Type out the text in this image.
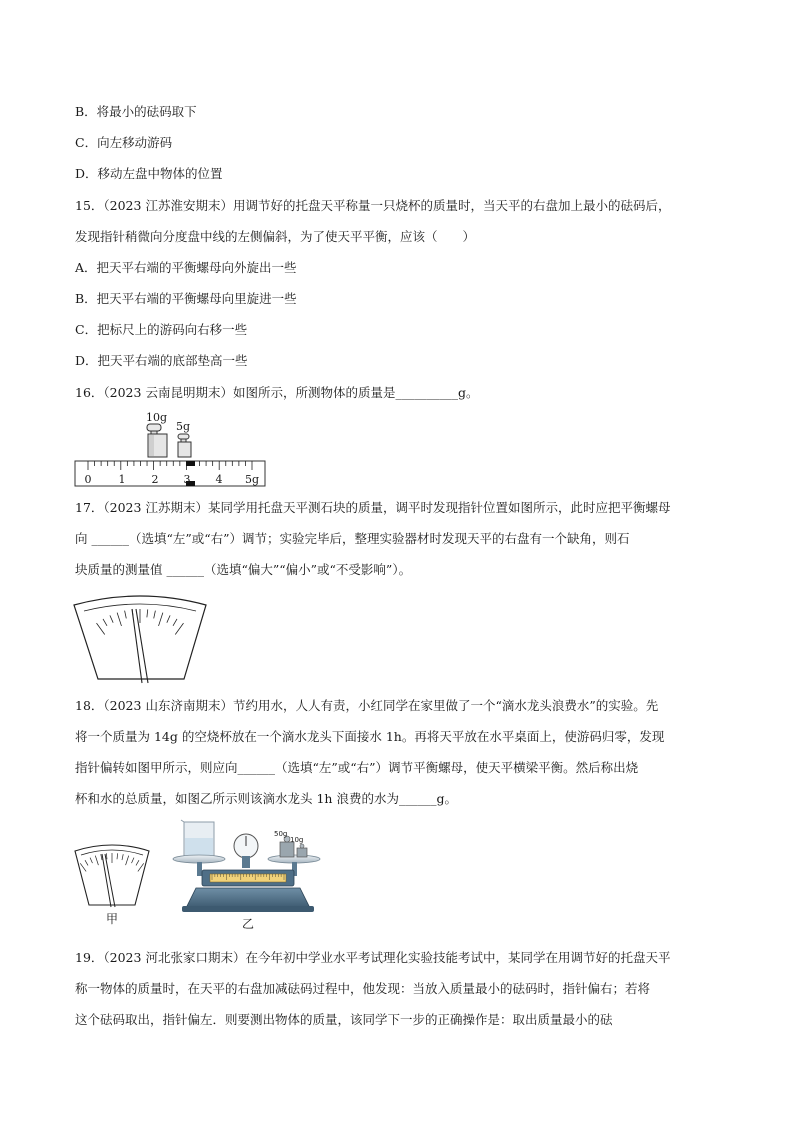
B．将最小的砝码取下
C．向左移动游码
D．移动左盘中物体的位置
15．（2023 江苏淮安期末）用调节好的托盘天平称量一只烧杯的质量时，当天平的右盘加上最小的砝码后，
发现指针稍微向分度盘中线的左侧偏斜，为了使天平平衡，应该（　　）
A．把天平右端的平衡螺母向外旋出一些
B．把天平右端的平衡螺母向里旋进一些
C．把标尺上的游码向右移一些
D．把天平右端的底部垫高一些
16．（2023 云南昆明期末）如图所示，所测物体的质量是__________g。
10g
5g
0 1 2 3 4 5g
17．（2023 江苏期末）某同学用托盘天平测石块的质量，调平时发现指针位置如图所示，此时应把平衡螺母
向 ______（选填“左”或“右”）调节；实验完毕后，整理实验器材时发现天平的右盘有一个缺角，则石
块质量的测量值 ______（选填“偏大”“偏小”或“不受影响”）。
18．（2023 山东济南期末）节约用水，人人有责，小红同学在家里做了一个“滴水龙头浪费水”的实验。先
将一个质量为 14g 的空烧杯放在一个滴水龙头下面接水 1h。再将天平放在水平桌面上，使游码归零，发现
指针偏转如图甲所示，则应向______（选填“左”或“右”）调节平衡螺母，使天平横梁平衡。然后称出烧
杯和水的总质量，如图乙所示则该滴水龙头 1h 浪费的水为______g。
甲
50g
10g
乙
19．（2023 河北张家口期末）在今年初中学业水平考试理化实验技能考试中，某同学在用调节好的托盘天平
称一物体的质量时，在天平的右盘加减砝码过程中，他发现：当放入质量最小的砝码时，指针偏右；若将
这个砝码取出，指针偏左．则要测出物体的质量，该同学下一步的正确操作是：取出质量最小的砝
